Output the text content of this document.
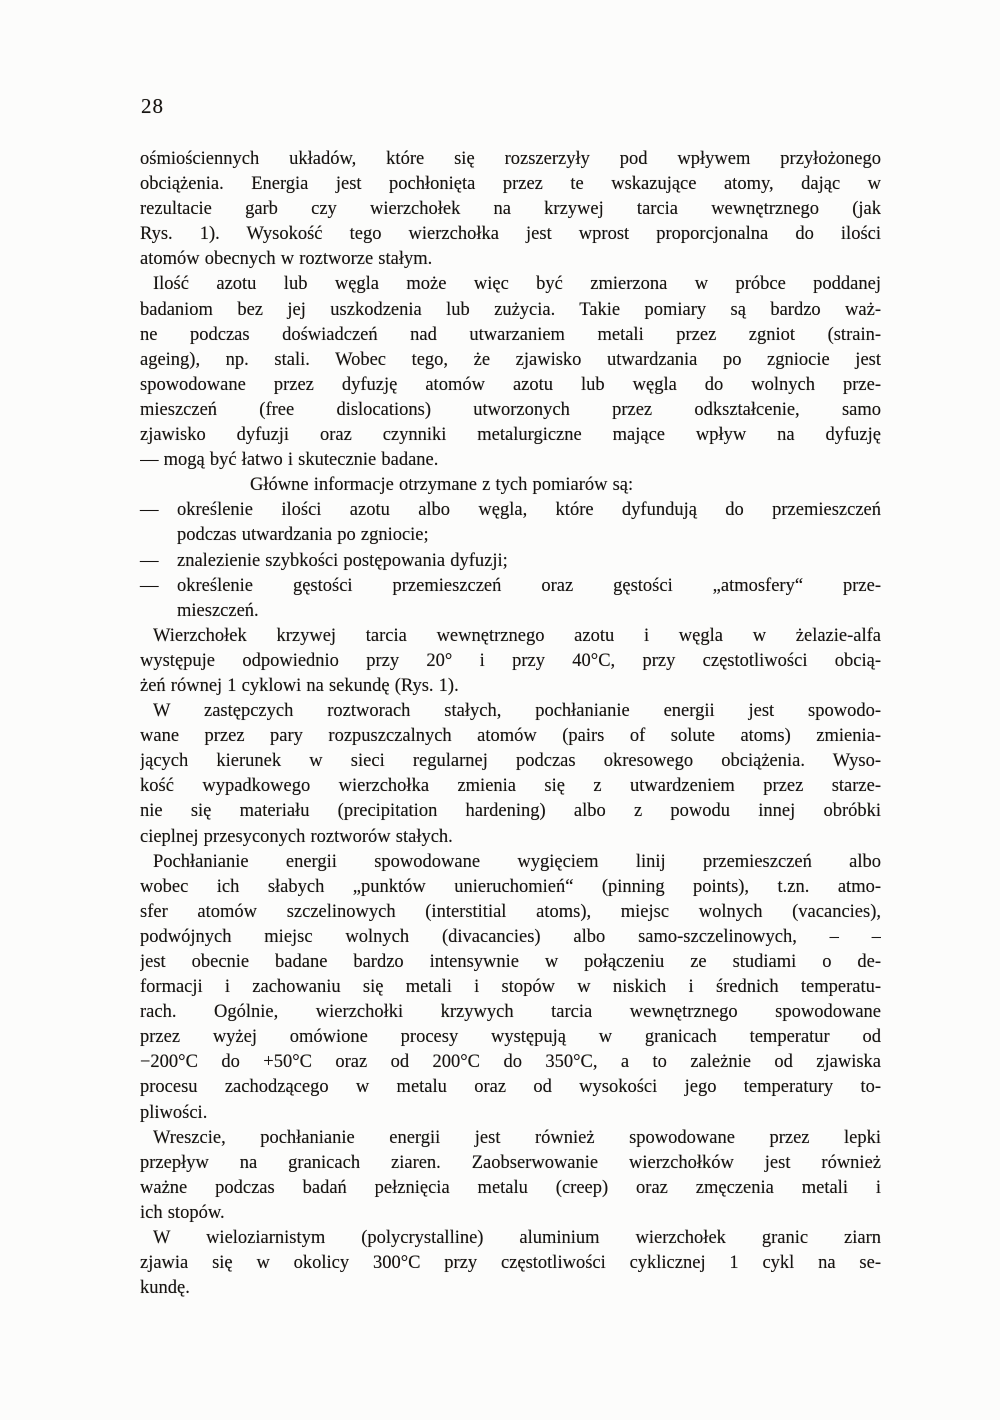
28
ośmiościennych układów, które się rozszerzyły pod wpływem przyłożonego
obciążenia. Energia jest pochłonięta przez te wskazujące atomy, dając w
rezultacie garb czy wierzchołek na krzywej tarcia wewnętrznego (jak
Rys. 1). Wysokość tego wierzchołka jest wprost proporcjonalna do ilości
atomów obecnych w roztworze stałym.
Ilość azotu lub węgla może więc być zmierzona w próbce poddanej
badaniom bez jej uszkodzenia lub zużycia. Takie pomiary są bardzo waż-
ne podczas doświadczeń nad utwarzaniem metali przez zgniot (strain-
ageing), np. stali. Wobec tego, że zjawisko utwardzania po zgniocie jest
spowodowane przez dyfuzję atomów azotu lub węgla do wolnych prze-
mieszczeń (free dislocations) utworzonych przez odkształcenie, samo
zjawisko dyfuzji oraz czynniki metalurgiczne mające wpływ na dyfuzję
— mogą być łatwo i skutecznie badane.
Główne informacje otrzymane z tych pomiarów są:
—	określenie ilości azotu albo węgla, które dyfundują do przemieszczeń
podczas utwardzania po zgniocie;
—	znalezienie szybkości postępowania dyfuzji;
—	określenie gęstości przemieszczeń oraz gęstości „atmosfery“ prze-
mieszczeń.
Wierzchołek krzywej tarcia wewnętrznego azotu i węgla w żelazie-alfa
występuje odpowiednio przy 20° i przy 40°C, przy częstotliwości obcią-
żeń równej 1 cyklowi na sekundę (Rys. 1).
W zastępczych roztworach stałych, pochłanianie energii jest spowodo-
wane przez pary rozpuszczalnych atomów (pairs of solute atoms) zmienia-
jących kierunek w sieci regularnej podczas okresowego obciążenia. Wyso-
kość wypadkowego wierzchołka zmienia się z utwardzeniem przez starze-
nie się materiału (precipitation hardening) albo z powodu innej obróbki
cieplnej przesyconych roztworów stałych.
Pochłanianie energii spowodowane wygięciem linij przemieszczeń albo
wobec ich słabych „punktów unieruchomień“ (pinning points), t.zn. atmo-
sfer atomów szczelinowych (interstitial atoms), miejsc wolnych (vacancies),
podwójnych miejsc wolnych (divacancies) albo samo-szczelinowych, – –
jest obecnie badane bardzo intensywnie w połączeniu ze studiami o de-
formacji i zachowaniu się metali i stopów w niskich i średnich temperatu-
rach. Ogólnie, wierzchołki krzywych tarcia wewnętrznego spowodowane
przez wyżej omówione procesy występują w granicach temperatur od
−200°C do +50°C oraz od 200°C do 350°C, a to zależnie od zjawiska
procesu zachodzącego w metalu oraz od wysokości jego temperatury to-
pliwości.
Wreszcie, pochłanianie energii jest również spowodowane przez lepki
przepływ na granicach ziaren. Zaobserwowanie wierzchołków jest również
ważne podczas badań pełznięcia metalu (creep) oraz zmęczenia metali i
ich stopów.
W wieloziarnistym (polycrystalline) aluminium wierzchołek granic ziarn
zjawia się w okolicy 300°C przy częstotliwości cyklicznej 1 cykl na se-
kundę.
